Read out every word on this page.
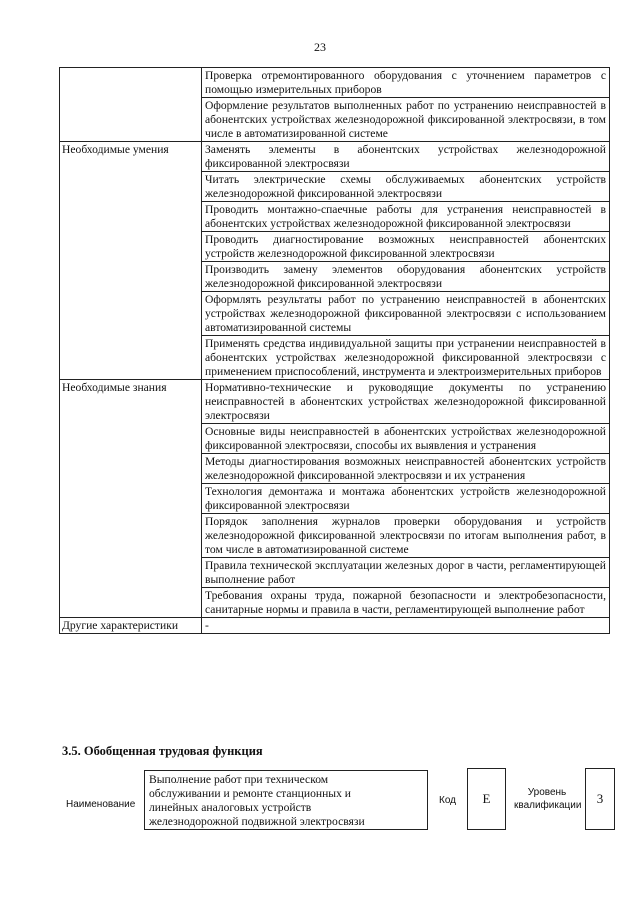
23
	Проверка отремонтированного оборудования с уточнением параметров с помощью измерительных приборов
	Оформление результатов выполненных работ по устранению неисправностей в абонентских устройствах железнодорожной фиксированной электросвязи, в том числе в автоматизированной системе
Необходимые умения	Заменять элементы в абонентских устройствах железнодорожной фиксированной электросвязи
	Читать электрические схемы обслуживаемых абонентских устройств железнодорожной фиксированной электросвязи
	Проводить монтажно-спаечные работы для устранения неисправностей в абонентских устройствах железнодорожной фиксированной электросвязи
	Проводить диагностирование возможных неисправностей абонентских устройств железнодорожной фиксированной электросвязи
	Производить замену элементов оборудования абонентских устройств железнодорожной фиксированной электросвязи
	Оформлять результаты работ по устранению неисправностей в абонентских устройствах железнодорожной фиксированной электросвязи с использованием автоматизированной системы
	Применять средства индивидуальной защиты при устранении неисправностей в абонентских устройствах железнодорожной фиксированной электросвязи с применением приспособлений, инструмента и электроизмерительных приборов
Необходимые знания	Нормативно-технические и руководящие документы по устранению неисправностей в абонентских устройствах железнодорожной фиксированной электросвязи
	Основные виды неисправностей в абонентских устройствах железнодорожной фиксированной электросвязи, способы их выявления и устранения
	Методы диагностирования возможных неисправностей абонентских устройств железнодорожной фиксированной электросвязи и их устранения
	Технология демонтажа и монтажа абонентских устройств железнодорожной фиксированной электросвязи
	Порядок заполнения журналов проверки оборудования и устройств железнодорожной фиксированной электросвязи по итогам выполнения работ, в том числе в автоматизированной системе
	Правила технической эксплуатации железных дорог в части, регламентирующей выполнение работ
	Требования охраны труда, пожарной безопасности и электробезопасности, санитарные нормы и правила в части, регламентирующей выполнение работ
Другие характеристики	-
3.5. Обобщенная трудовая функция
Наименование
Выполнение работ при техническом
обслуживании и ремонте станционных и
линейных аналоговых устройств
железнодорожной подвижной электросвязи
Код	Е	Уровень квалификации	3
